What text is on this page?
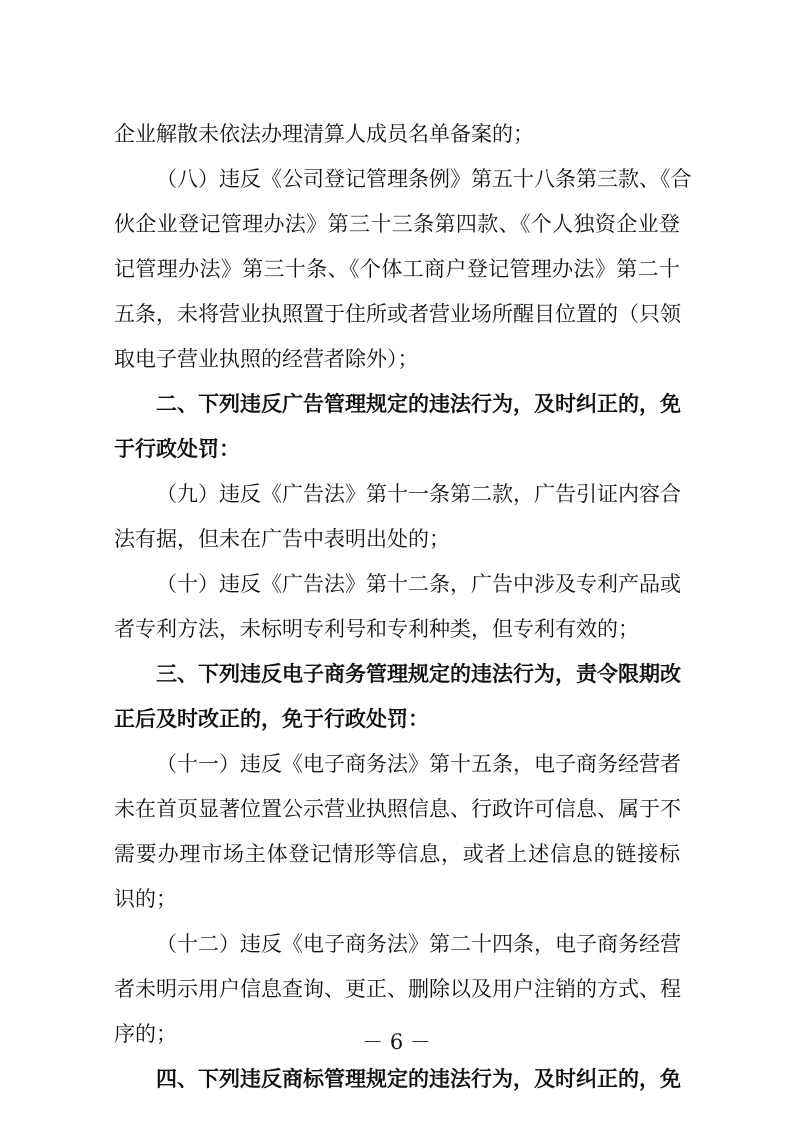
企业解散未依法办理清算人成员名单备案的；
（八）违反《公司登记管理条例》第五十八条第三款、《合
伙企业登记管理办法》第三十三条第四款、《个人独资企业登
记管理办法》第三十条、《个体工商户登记管理办法》第二十
五条，未将营业执照置于住所或者营业场所醒目位置的（只领
取电子营业执照的经营者除外）；
二、下列违反广告管理规定的违法行为，及时纠正的，免
于行政处罚：
（九）违反《广告法》第十一条第二款，广告引证内容合
法有据，但未在广告中表明出处的；
（十）违反《广告法》第十二条，广告中涉及专利产品或
者专利方法，未标明专利号和专利种类，但专利有效的；
三、下列违反电子商务管理规定的违法行为，责令限期改
正后及时改正的，免于行政处罚：
（十一）违反《电子商务法》第十五条，电子商务经营者
未在首页显著位置公示营业执照信息、行政许可信息、属于不
需要办理市场主体登记情形等信息，或者上述信息的链接标
识的；
（十二）违反《电子商务法》第二十四条，电子商务经营
者未明示用户信息查询、更正、删除以及用户注销的方式、程
序的；
四、下列违反商标管理规定的违法行为，及时纠正的，免
－ 6 －
